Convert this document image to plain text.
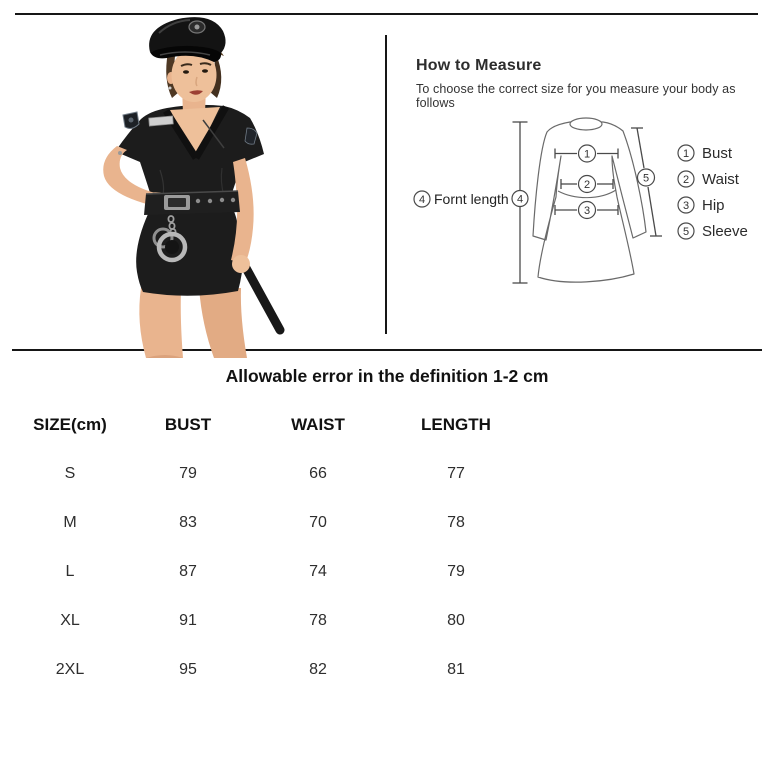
How to Measure
To choose the correct size for you measure your body as follows
4
4 Fornt length
1
2
3
5
1 Bust
2 Waist
3 Hip
5 Sleeve
Allowable error in the definition 1-2 cm
SIZE(cm)	BUST	WAIST	LENGTH
S	79	66	77
M	83	70	78
L	87	74	79
XL	91	78	80
2XL	95	82	81
